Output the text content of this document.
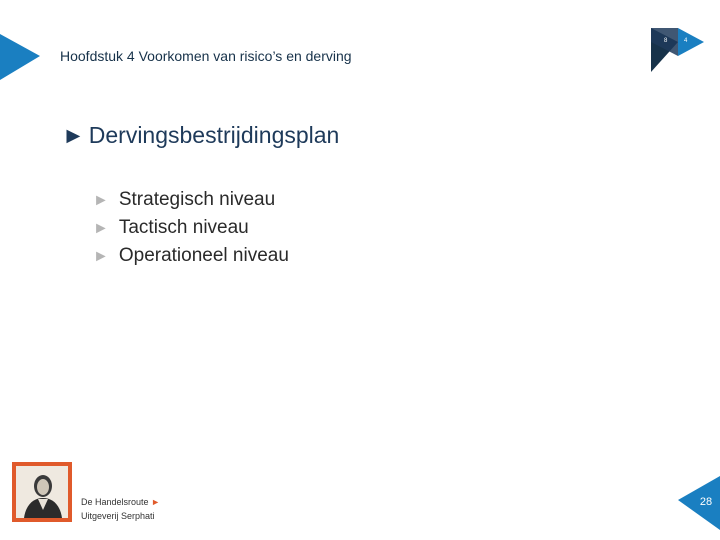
Hoofdstuk 4 Voorkomen van risico’s en derving
8	4
► Dervingsbestrijdingsplan
► Strategisch niveau
► Tactisch niveau
► Operationeel niveau
De Handelsroute ►
Uitgeverij Serphati
28
